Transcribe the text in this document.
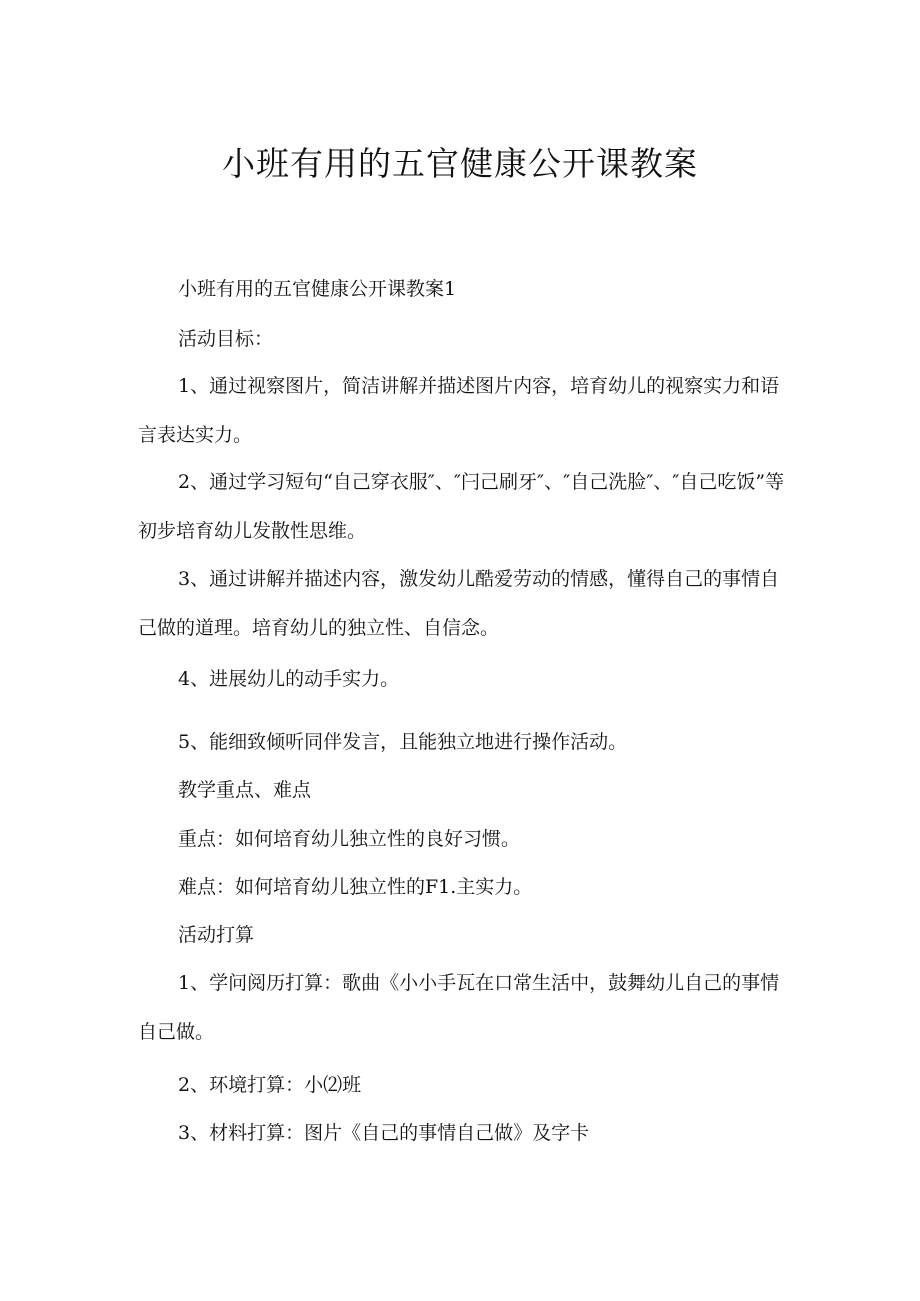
小班有用的五官健康公开课教案

小班有用的五官健康公开课教案1

活动目标：

1、通过视察图片，简洁讲解并描述图片内容，培育幼儿的视察实力和语言表达实力。

2、通过学习短句“自己穿衣服″、″闩己刷牙″、″自己洗脸″、″自己吃饭”等初步培育幼儿发散性思维。

3、通过讲解并描述内容，激发幼儿酷爱劳动的情感，懂得自己的事情自己做的道理。培育幼儿的独立性、自信念。

4、进展幼儿的动手实力。

5、能细致倾听同伴发言，且能独立地进行操作活动。

教学重点、难点

重点：如何培育幼儿独立性的良好习惯。

难点：如何培育幼儿独立性的F1.主实力。

活动打算

1、学问阅历打算：歌曲《小小手瓦在口常生活中，鼓舞幼儿自己的事情自己做。

2、环境打算：小⑵班

3、材料打算：图片《自己的事情自己做》及字卡
